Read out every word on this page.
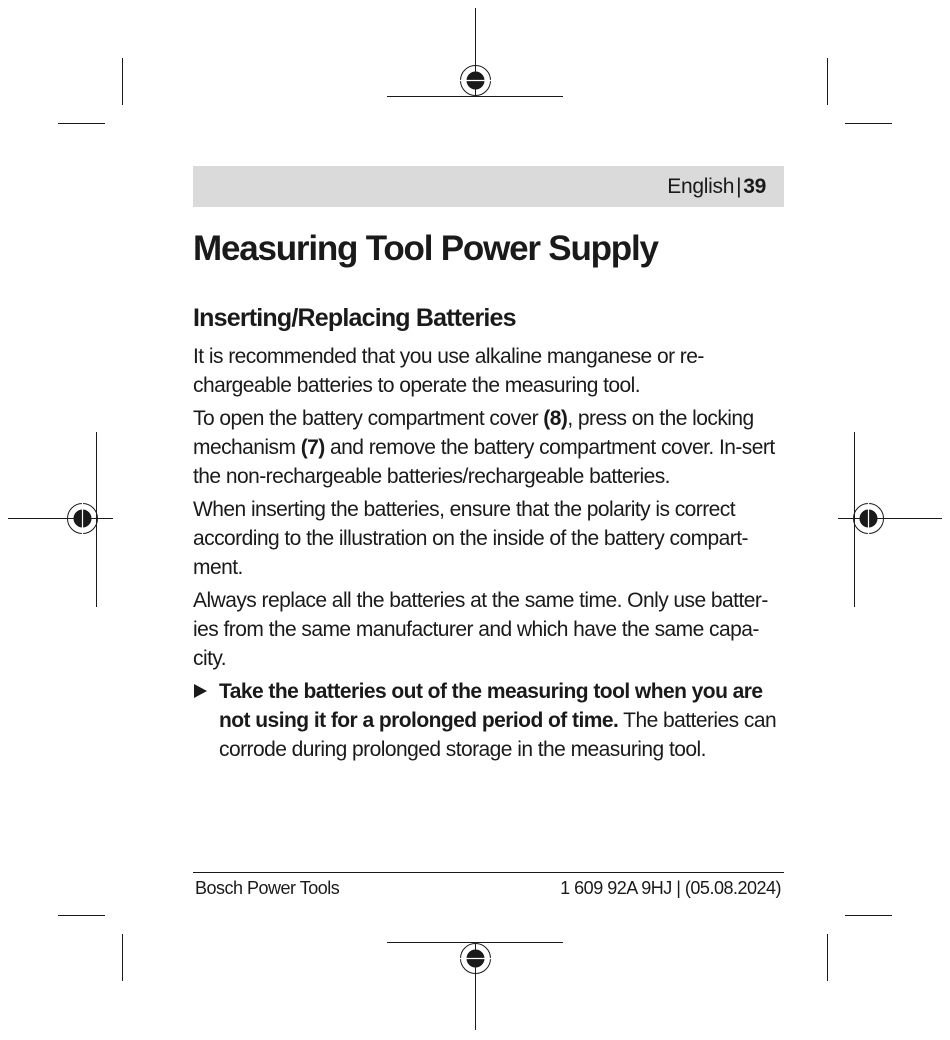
English|39
Measuring Tool Power Supply
Inserting/Replacing Batteries

It is recommended that you use alkaline manganese or re-chargeable batteries to operate the measuring tool.

To open the battery compartment cover (8), press on the locking mechanism (7) and remove the battery compartment cover. In-sert the non-rechargeable batteries/rechargeable batteries.

When inserting the batteries, ensure that the polarity is correct according to the illustration on the inside of the battery compart-ment.

Always replace all the batteries at the same time. Only use batter-ies from the same manufacturer and which have the same capa-city.

Take the batteries out of the measuring tool when you are not using it for a prolonged period of time. The batteries can corrode during prolonged storage in the measuring tool.

Bosch Power Tools	1 609 92A 9HJ | (05.08.2024)
